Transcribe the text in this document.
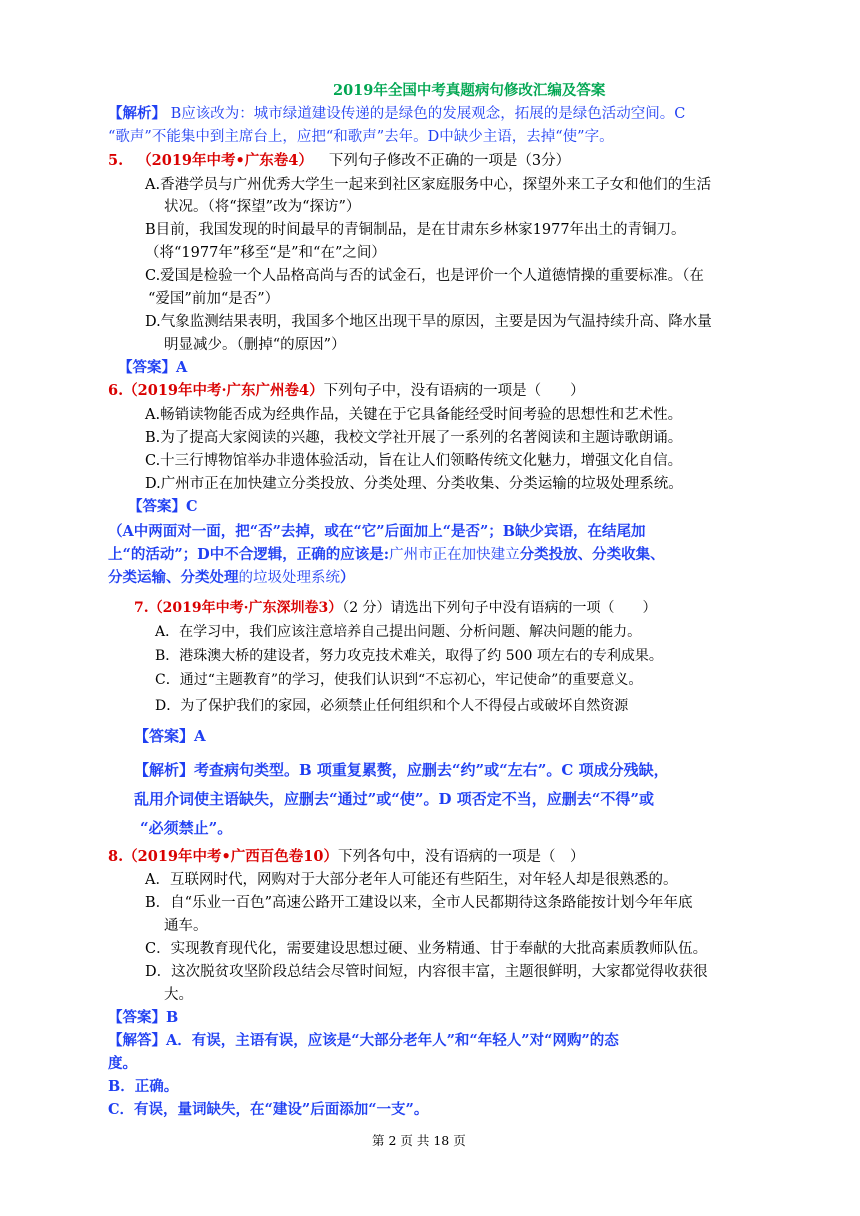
2019年全国中考真题病句修改汇编及答案
【解析】 B应该改为：城市绿道建设传递的是绿色的发展观念，拓展的是绿色活动空间。C
“歌声”不能集中到主席台上，应把“和歌声”去年。D中缺少主语，去掉“使”字。
5. （2019年中考•广东卷4） 下列句子修改不正确的一项是（3分）
A.香港学员与广州优秀大学生一起来到社区家庭服务中心，探望外来工子女和他们的生活
状况。（将“探望”改为“探访”）
B目前，我国发现的时间最早的青铜制品，是在甘肃东乡林家1977年出土的青铜刀。
（将“1977年”移至“是”和“在”之间）
C.爱国是检验一个人品格高尚与否的试金石，也是评价一个人道德情操的重要标准。（在
“爱国”前加“是否”）
D.气象监测结果表明，我国多个地区出现干旱的原因，主要是因为气温持续升高、降水量
明显减少。（删掉“的原因”）
【答案】A
6.（2019年中考·广东广州卷4）下列句子中，没有语病的一项是（　　）
A.畅销读物能否成为经典作品，关键在于它具备能经受时间考验的思想性和艺术性。
B.为了提高大家阅读的兴趣，我校文学社开展了一系列的名著阅读和主题诗歌朗诵。
C.十三行博物馆举办非遗体验活动，旨在让人们领略传统文化魅力，增强文化自信。
D.广州市正在加快建立分类投放、分类处理、分类收集、分类运输的垃圾处理系统。
【答案】C
（A中两面对一面，把“否”去掉，或在“它”后面加上“是否”；B缺少宾语，在结尾加
上“的活动”；D中不合逻辑，正确的应该是:广州市正在加快建立分类投放、分类收集、
分类运输、分类处理的垃圾处理系统）
7.（2019年中考·广东深圳卷3）（2 分）请选出下列句子中没有语病的一项（　　）
A．在学习中，我们应该注意培养自己提出问题、分析问题、解决问题的能力。
B．港珠澳大桥的建设者，努力攻克技术难关，取得了约 500 项左右的专利成果。
C．通过“主题教育”的学习，使我们认识到“不忘初心，牢记使命”的重要意义。
D．为了保护我们的家园，必须禁止任何组织和个人不得侵占或破坏自然资源
【答案】A
【解析】考查病句类型。B 项重复累赘，应删去“约”或“左右”。C 项成分残缺，
乱用介词使主语缺失，应删去“通过”或“使”。D 项否定不当，应删去“不得”或
“必须禁止”。
8.（2019年中考•广西百色卷10）下列各句中，没有语病的一项是（　）
A．互联网时代，网购对于大部分老年人可能还有些陌生，对年轻人却是很熟悉的。
B．自“乐业一百色”高速公路开工建设以来，全市人民都期待这条路能按计划今年年底
通车。
C．实现教育现代化，需要建设思想过硬、业务精通、甘于奉献的大批高素质教师队伍。
D．这次脱贫攻坚阶段总结会尽管时间短，内容很丰富，主题很鲜明，大家都觉得收获很
大。
【答案】B
【解答】A．有误，主语有误，应该是“大部分老年人”和“年轻人”对“网购”的态
度。
B．正确。
C．有误，量词缺失，在“建设”后面添加“一支”。
第 2 页 共 18 页
